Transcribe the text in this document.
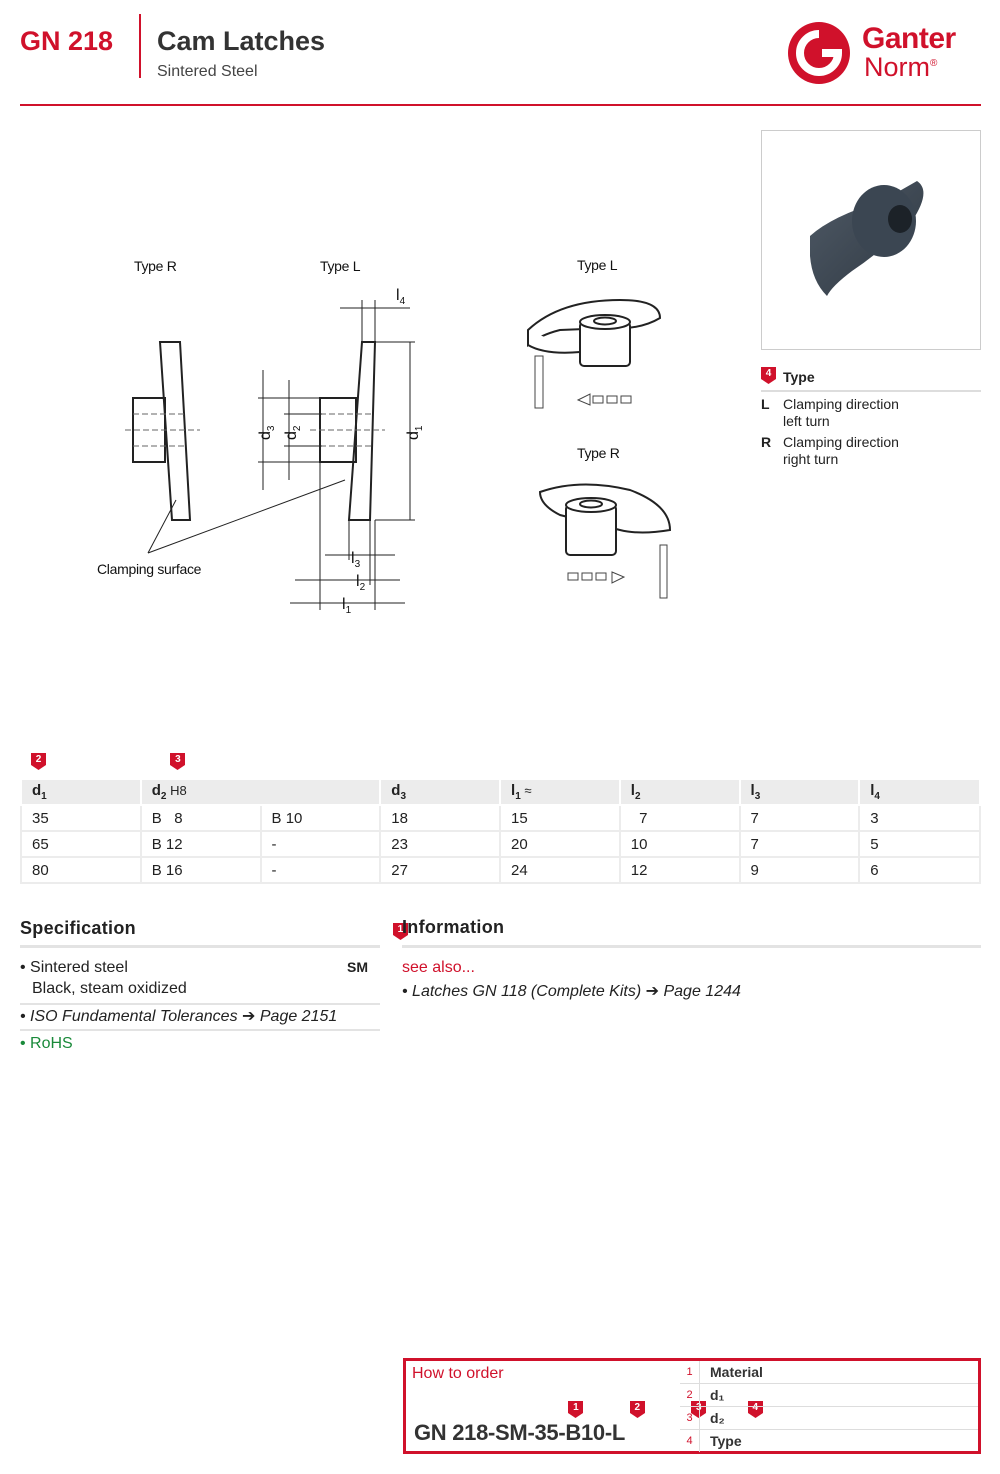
GN 218 Cam Latches
Sintered Steel
Ganter
Norm®
Type R	Type L	Type L
Type R
Clamping surface
$l_4$
$d_1$
$d_3$
$d_2$
$l_3$
$l_2$
$l_1$
4 Type
L Clamping direction
left turn
R Clamping direction
right turn
2
	3

$d_1$	$d_2$ H8		$d_3$	$l_1$ ≈	$l_2$	$l_3$	$l_4$
35	B   8	B 10	18	15	7	7	3
65	B 12	-	23	20	10	7	5
80	B 16	-	27	24	12	9	6
Specification	1

• Sintered steel	SM

Black, steam oxidized
• ISO Fundamental Tolerances ➔ Page 2151
• RoHS
Information
see also...
• Latches GN 118 (Complete Kits) ➔ Page 1244
How to order
1
	2
	3
	4
GN 218-SM-35-B10-L
1	Material
2	d₁
3	d₂
4	Type
